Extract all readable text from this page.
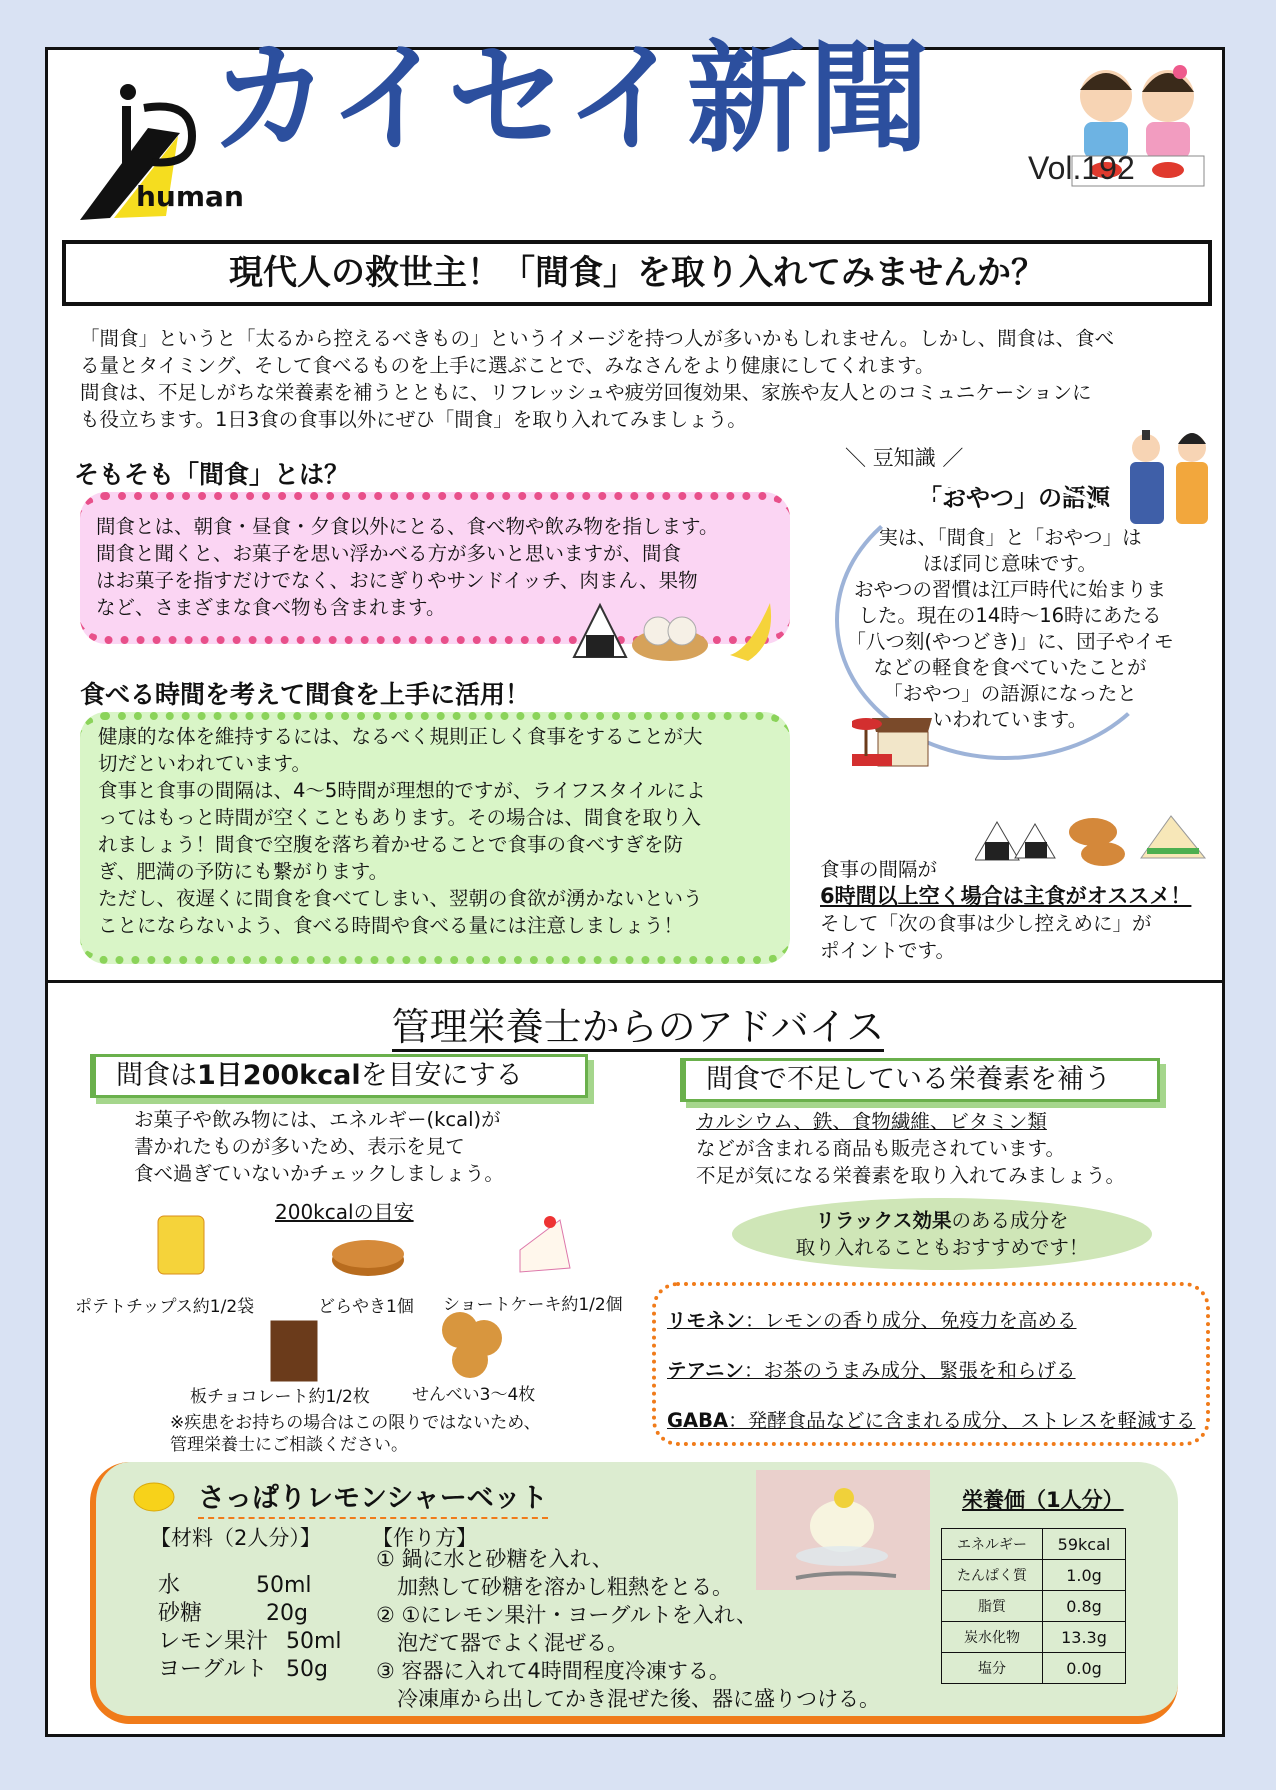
human
カイセイ新聞	Vol.192
現代人の救世主！「間食」を取り入れてみませんか？
「間食」というと「太るから控えるべきもの」というイメージを持つ人が多いかもしれません。しかし、間食は、食べ
る量とタイミング、そして食べるものを上手に選ぶことで、みなさんをより健康にしてくれます。
間食は、不足しがちな栄養素を補うとともに、リフレッシュや疲労回復効果、家族や友人とのコミュニケーションに
も役立ちます。1日3食の食事以外にぜひ「間食」を取り入れてみましょう。
そもそも「間食」とは？
間食とは、朝食・昼食・夕食以外にとる、食べ物や飲み物を指します。
間食と聞くと、お菓子を思い浮かべる方が多いと思いますが、間食
はお菓子を指すだけでなく、おにぎりやサンドイッチ、肉まん、果物
など、さまざまな食べ物も含まれます。
食べる時間を考えて間食を上手に活用！
健康的な体を維持するには、なるべく規則正しく食事をすることが大
切だといわれています。
食事と食事の間隔は、4～5時間が理想的ですが、ライフスタイルによ
ってはもっと時間が空くこともあります。その場合は、間食を取り入
れましょう！間食で空腹を落ち着かせることで食事の食べすぎを防
ぎ、肥満の予防にも繋がります。
ただし、夜遅くに間食を食べてしまい、翌朝の食欲が湧かないという
ことにならないよう、食べる時間や食べる量には注意しましょう！
＼ 豆知識 ／
「おやつ」の語源
実は、「間食」と「おやつ」は
ほぼ同じ意味です。
おやつの習慣は江戸時代に始まりま
した。現在の14時～16時にあたる
「八つ刻(やつどき)」に、団子やイモ
などの軽食を食べていたことが
「おやつ」の語源になったと
いわれています。
食事の間隔が
6時間以上空く場合は主食がオススメ！
そして「次の食事は少し控えめに」が
ポイントです。
管理栄養士からのアドバイス
間食は1日200kcalを目安にする
お菓子や飲み物には、エネルギー(kcal)が
書かれたものが多いため、表示を見て
食べ過ぎていないかチェックしましょう。
200kcalの目安
ポテトチップス約1/2袋	どらやき1個 ショートケーキ約1/2個
板チョコレート約1/2枚 せんべい3～4枚
※疾患をお持ちの場合はこの限りではないため、
管理栄養士にご相談ください。
間食で不足している栄養素を補う
カルシウム、鉄、食物繊維、ビタミン類
などが含まれる商品も販売されています。
不足が気になる栄養素を取り入れてみましょう。
リラックス効果のある成分を
取り入れることもおすすめです！
リモネン：レモンの香り成分、免疫力を高める
テアニン：お茶のうまみ成分、緊張を和らげる
GABA：発酵食品などに含まれる成分、ストレスを軽減する
さっぱりレモンシャーベット
【材料（2人分）】
水	50ml
砂糖	20g
レモン果汁 50ml
ヨーグルト 50g
【作り方】
① 鍋に水と砂糖を入れ、
　加熱して砂糖を溶かし粗熱をとる。
② ①にレモン果汁・ヨーグルトを入れ、
　泡だて器でよく混ぜる。
③ 容器に入れて4時間程度冷凍する。
　冷凍庫から出してかき混ぜた後、器に盛りつける。
栄養価（1人分）
エネルギー	59kcal
たんぱく質	1.0g
脂質	0.8g
炭水化物	13.3g
塩分	0.0g
